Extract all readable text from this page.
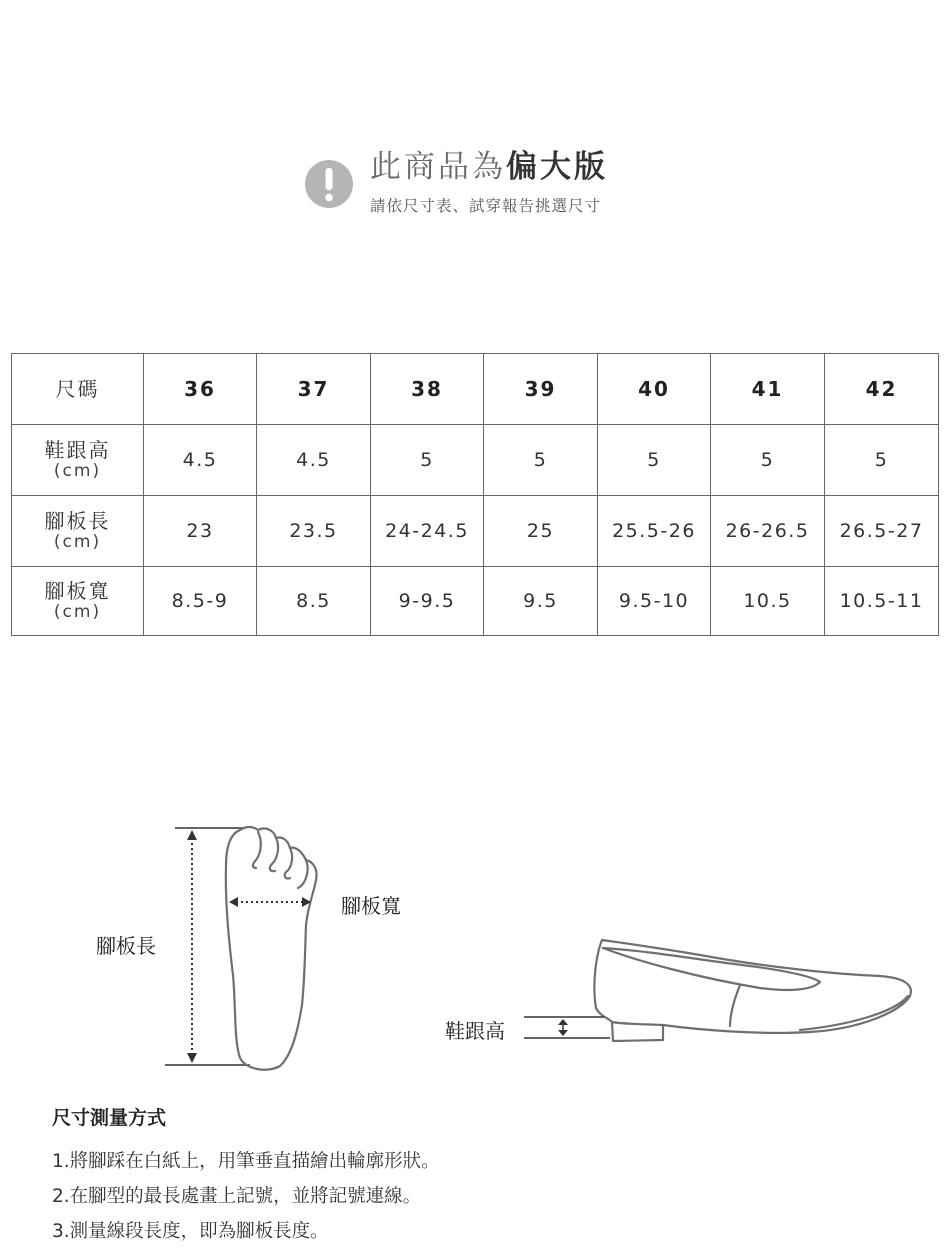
此商品為偏大版
請依尺寸表、試穿報告挑選尺寸
尺碼	36	37	38	39	40	41	42
鞋跟高
(cm)	4.5	4.5	5	5	5	5	5
腳板長
(cm)	23	23.5	24-24.5	25	25.5-26	26-26.5	26.5-27
腳板寬
(cm)	8.5-9	8.5	9-9.5	9.5	9.5-10	10.5	10.5-11
腳板長
腳板寬
鞋跟高
尺寸測量方式
1.將腳踩在白紙上，用筆垂直描繪出輪廓形狀。
2.在腳型的最長處畫上記號，並將記號連線。
3.測量線段長度，即為腳板長度。
